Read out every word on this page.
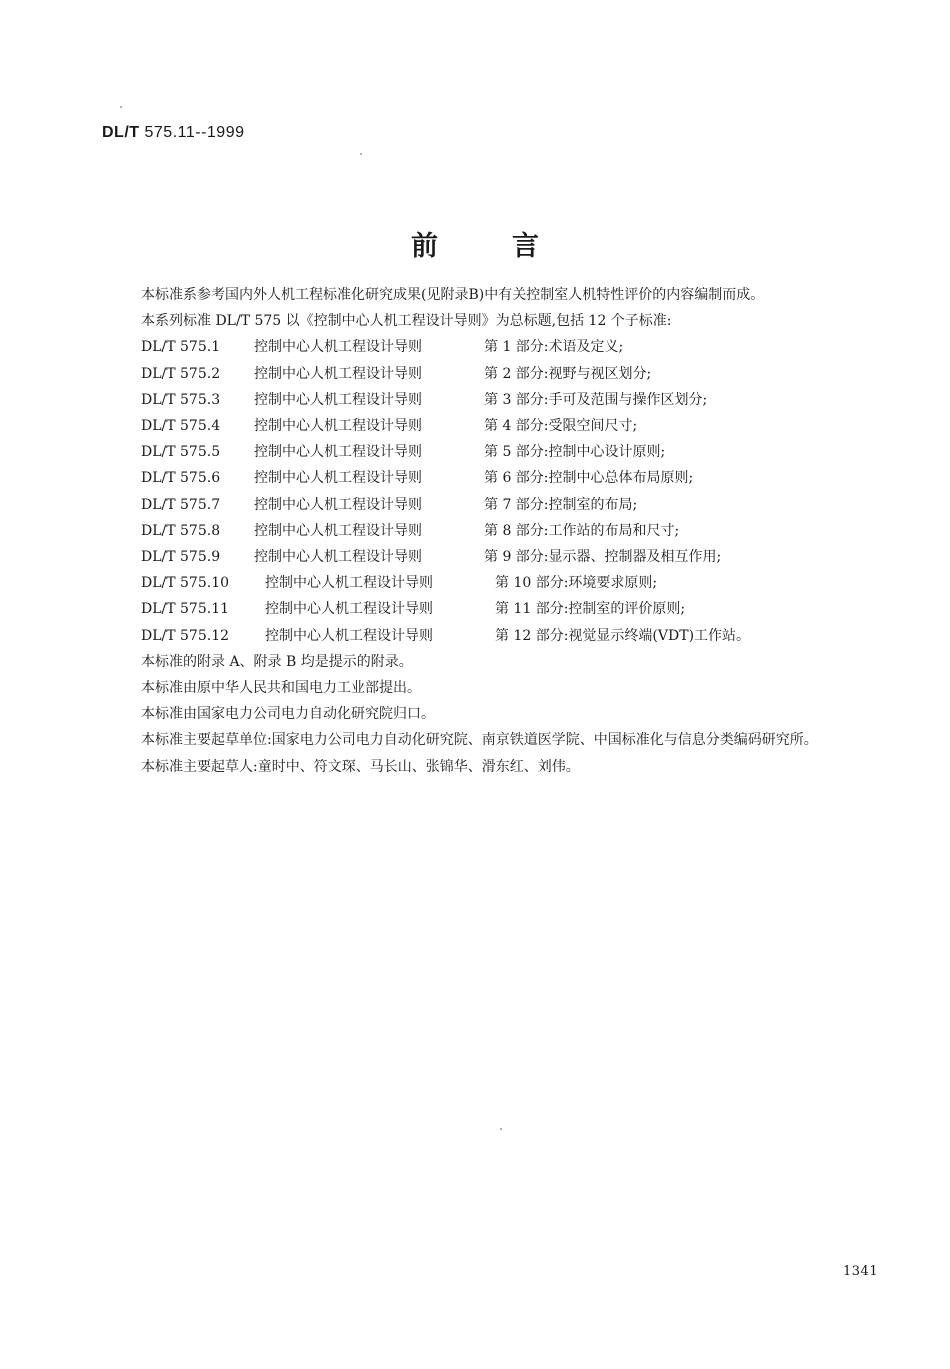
DL/T 575.11--1999
前言

本标准系参考国内外人机工程标准化研究成果(见附录B)中有关控制室人机特性评价的内容编制而成。

本系列标准 DL/T 575 以《控制中心人机工程设计导则》为总标题,包括 12 个子标准:

DL/T 575.1 控制中心人机工程设计导则	第 1 部分:术语及定义;
DL/T 575.2 控制中心人机工程设计导则	第 2 部分:视野与视区划分;
DL/T 575.3 控制中心人机工程设计导则	第 3 部分:手可及范围与操作区划分;
DL/T 575.4 控制中心人机工程设计导则	第 4 部分:受限空间尺寸;
DL/T 575.5 控制中心人机工程设计导则	第 5 部分:控制中心设计原则;
DL/T 575.6 控制中心人机工程设计导则	第 6 部分:控制中心总体布局原则;
DL/T 575.7 控制中心人机工程设计导则	第 7 部分:控制室的布局;
DL/T 575.8 控制中心人机工程设计导则	第 8 部分:工作站的布局和尺寸;
DL/T 575.9 控制中心人机工程设计导则	第 9 部分:显示器、控制器及相互作用;
DL/T 575.10	控制中心人机工程设计导则	第 10 部分:环境要求原则;
DL/T 575.11	控制中心人机工程设计导则	第 11 部分:控制室的评价原则;
DL/T 575.12	控制中心人机工程设计导则	第 12 部分:视觉显示终端(VDT)工作站。

本标准的附录 A、附录 B 均是提示的附录。

本标准由原中华人民共和国电力工业部提出。

本标准由国家电力公司电力自动化研究院归口。

本标准主要起草单位:国家电力公司电力自动化研究院、南京铁道医学院、中国标准化与信息分类编码研究所。

本标准主要起草人:童时中、符文琛、马长山、张锦华、滑东红、刘伟。

1341
